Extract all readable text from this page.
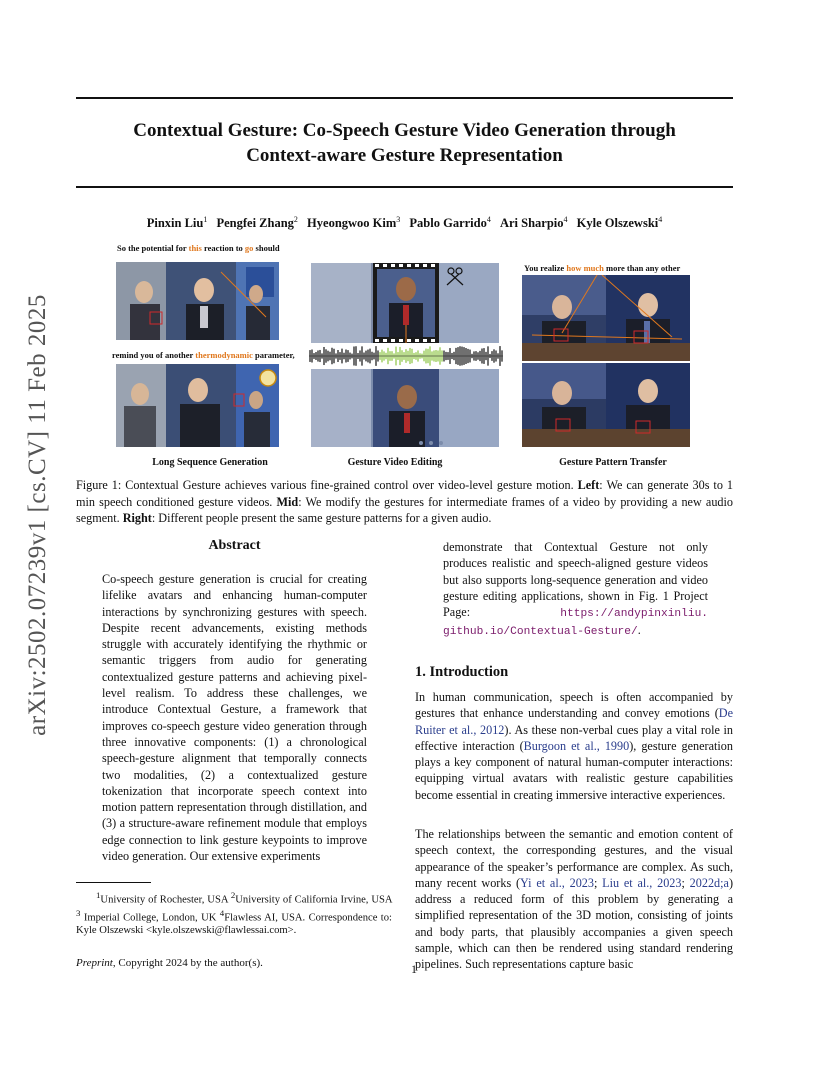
arXiv:2502.07239v1 [cs.CV] 11 Feb 2025
Contextual Gesture: Co-Speech Gesture Video Generation through
Context-aware Gesture Representation
Pinxin Liu$^1$ Pengfei Zhang$^2$ Hyeongwoo Kim$^3$ Pablo Garrido$^4$ Ari Sharpio$^4$ Kyle Olszewski$^4$
So the potential for this reaction to go should
remind you of another thermodynamic parameter,
You realize how much more than any other
Long Sequence Generation	Gesture Video Editing	Gesture Pattern Transfer
Figure 1: Contextual Gesture achieves various fine-grained control over video-level gesture motion. Left: We can generate 30s to 1 min speech conditioned gesture videos. Mid: We modify the gestures for intermediate frames of a video by providing a new audio segment. Right: Different people present the same gesture patterns for a given audio.
Abstract
Co-speech gesture generation is crucial for creating lifelike avatars and enhancing human-computer interactions by synchronizing gestures with speech. Despite recent advancements, existing methods struggle with accurately identifying the rhythmic or semantic triggers from audio for generating contextualized gesture patterns and achieving pixel-level realism. To address these challenges, we introduce Contextual Gesture, a framework that improves co-speech gesture video generation through three innovative components: (1) a chronological speech-gesture alignment that temporally connects two modalities, (2) a contextualized gesture tokenization that incorporate speech context into motion pattern representation through distillation, and (3) a structure-aware refinement module that employs edge connection to link gesture keypoints to improve video generation. Our extensive experiments
$^1$University of Rochester, USA $^2$University of California Irvine, USA $^3$ Imperial College, London, UK $^4$Flawless AI, USA. Correspondence to: Kyle Olszewski <kyle.olszewski@flawlessai.com>.
Preprint, Copyright 2024 by the author(s).
demonstrate that Contextual Gesture not only produces realistic and speech-aligned gesture videos but also supports long-sequence generation and video gesture editing applications, shown in Fig. 1 Project Page: https://andypinxinliu. github.io/Contextual-Gesture/.
1. Introduction
In human communication, speech is often accompanied by gestures that enhance understanding and convey emotions (De Ruiter et al., 2012). As these non-verbal cues play a vital role in effective interaction (Burgoon et al., 1990), gesture generation plays a key component of natural human-computer interactions: equipping virtual avatars with realistic gesture capabilities become essential in creating immersive interactive experiences.
The relationships between the semantic and emotion content of speech context, the corresponding gestures, and the visual appearance of the speaker’s performance are complex. As such, many recent works (Yi et al., 2023; Liu et al., 2023; 2022d;a) address a reduced form of this problem by generating a simplified representation of the 3D motion, consisting of joints and body parts, that plausibly accompanies a given speech sample, which can then be rendered using standard rendering pipelines. Such representations capture basic
1
